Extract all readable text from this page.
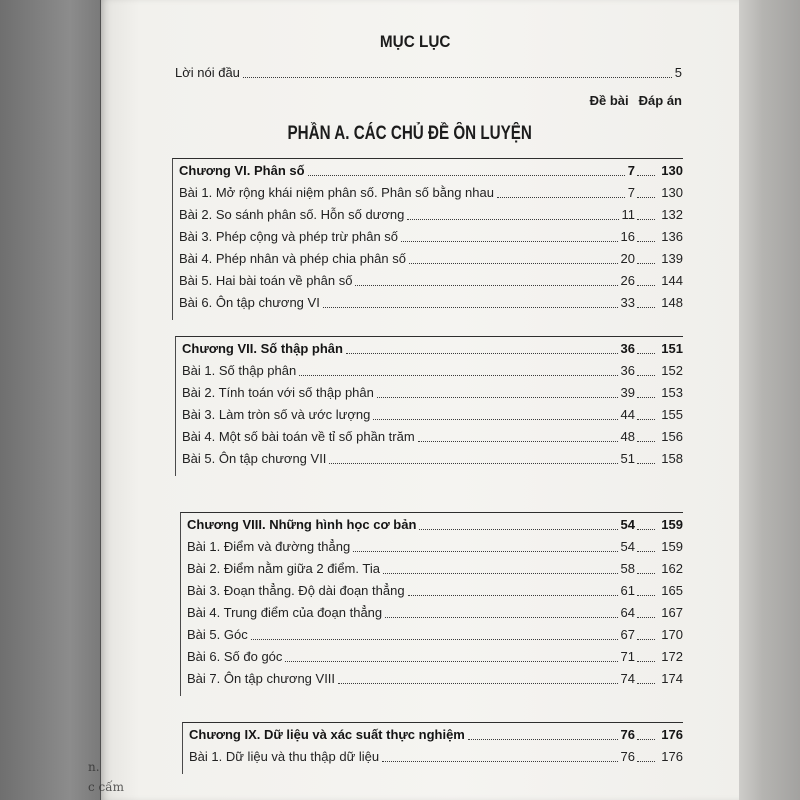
MỤC LỤC
Lời nói đầu	5
Đề bài Đáp án
PHẦN A. CÁC CHỦ ĐỀ ÔN LUYỆN
Chương VI. Phân số	7	130
Bài 1. Mở rộng khái niệm phân số. Phân số bằng nhau	7	130
Bài 2. So sánh phân số. Hỗn số dương	11	132
Bài 3. Phép cộng và phép trừ phân số	16	136
Bài 4. Phép nhân và phép chia phân số	20	139
Bài 5. Hai bài toán về phân số	26	144
Bài 6. Ôn tập chương VI	33	148
Chương VII. Số thập phân	36	151
Bài 1. Số thập phân	36	152
Bài 2. Tính toán với số thập phân	39	153
Bài 3. Làm tròn số và ước lượng	44	155
Bài 4. Một số bài toán về tỉ số phần trăm	48	156
Bài 5. Ôn tập chương VII	51	158
Chương VIII. Những hình học cơ bản	54	159
Bài 1. Điểm và đường thẳng	54	159
Bài 2. Điểm nằm giữa 2 điểm. Tia	58	162
Bài 3. Đoạn thẳng. Độ dài đoạn thẳng	61	165
Bài 4. Trung điểm của đoạn thẳng	64	167
Bài 5. Góc	67	170
Bài 6. Số đo góc	71	172
Bài 7. Ôn tập chương VIII	74	174
Chương IX. Dữ liệu và xác suất thực nghiệm	76	176
Bài 1. Dữ liệu và thu thập dữ liệu	76	176
n.
c cấm
